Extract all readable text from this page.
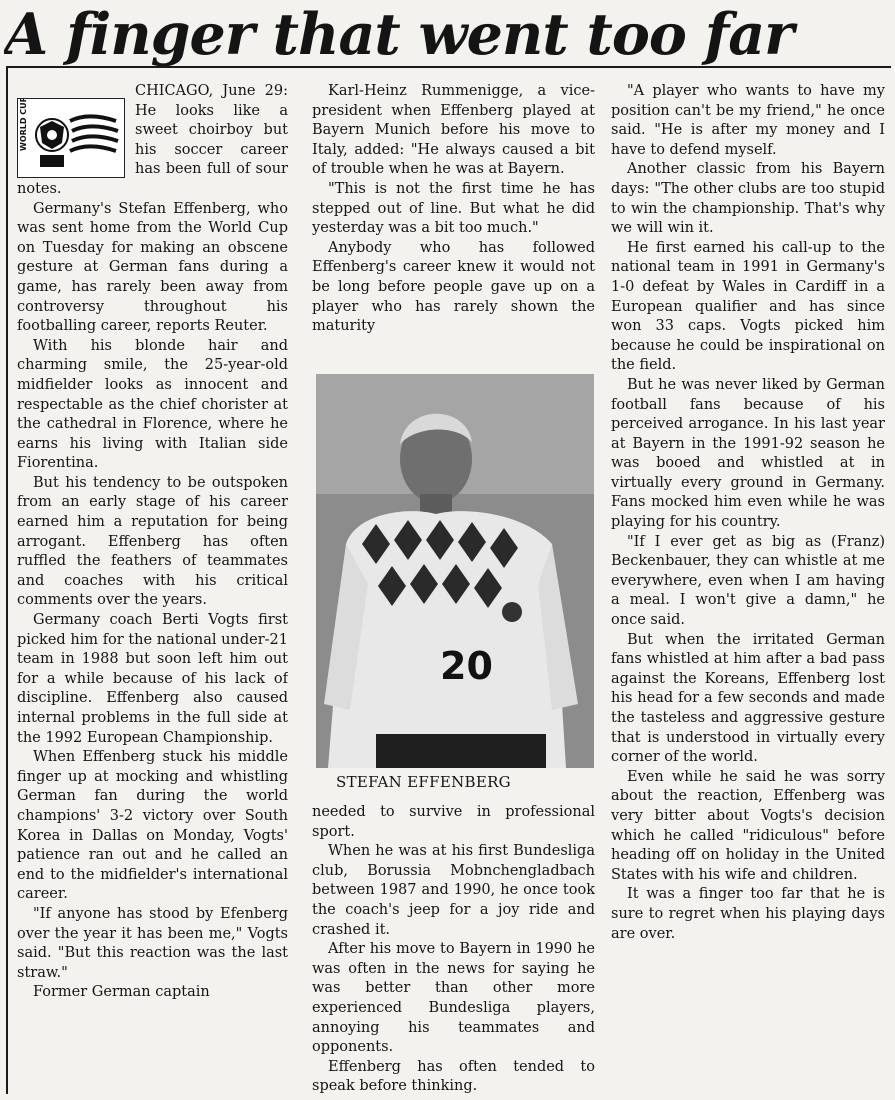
A finger that went too far
WORLD CUP 94	CHICAGO, June 29: He looks like a sweet choirboy but his soccer career has been full of sour notes.

Germany's Stefan Effenberg, who was sent home from the World Cup on Tuesday for making an obscene gesture at German fans during a game, has rarely been away from controversy throughout his footballing career, reports Reuter.

With his blonde hair and charming smile, the 25-year-old midfielder looks as innocent and respectable as the chief chorister at the cathedral in Florence, where he earns his living with Italian side Fiorentina.

But his tendency to be outspoken from an early stage of his career earned him a reputation for being arrogant. Effenberg has often ruffled the feathers of teammates and coaches with his critical comments over the years.

Germany coach Berti Vogts first picked him for the national under-21 team in 1988 but soon left him out for a while because of his lack of discipline. Effenberg also caused internal problems in the full side at the 1992 European Championship.

When Effenberg stuck his middle finger up at mocking and whistling German fan during the world champions' 3-2 victory over South Korea in Dallas on Monday, Vogts' patience ran out and he called an end to the midfielder's international career.

"If anyone has stood by Efenberg over the year it has been me," Vogts said. "But this reaction was the last straw."

Former German captain

Karl-Heinz Rummenigge, a vice-president when Effenberg played at Bayern Munich before his move to Italy, added: "He always caused a bit of trouble when he was at Bayern.

"This is not the first time he has stepped out of line. But what he did yesterday was a bit too much."

Anybody who has followed Effenberg's career knew it would not be long before people gave up on a player who has rarely shown the maturity

20
STEFAN EFFENBERG

needed to survive in professional sport.

When he was at his first Bundesliga club, Borussia Mobnchengladbach between 1987 and 1990, he once took the coach's jeep for a joy ride and crashed it.

After his move to Bayern in 1990 he was often in the news for saying he was better than other more experienced Bundesliga players, annoying his teammates and opponents.

Effenberg has often tended to speak before thinking.

"A player who wants to have my position can't be my friend," he once said. "He is after my money and I have to defend myself.

Another classic from his Bayern days: "The other clubs are too stupid to win the championship. That's why we will win it.

He first earned his call-up to the national team in 1991 in Germany's 1-0 defeat by Wales in Cardiff in a European qualifier and has since won 33 caps. Vogts picked him because he could be inspirational on the field.

But he was never liked by German football fans because of his perceived arrogance. In his last year at Bayern in the 1991-92 season he was booed and whistled at in virtually every ground in Germany. Fans mocked him even while he was playing for his country.

"If I ever get as big as (Franz) Beckenbauer, they can whistle at me everywhere, even when I am having a meal. I won't give a damn," he once said.

But when the irritated German fans whistled at him after a bad pass against the Koreans, Effenberg lost his head for a few seconds and made the tasteless and aggressive gesture that is understood in virtually every corner of the world.

Even while he said he was sorry about the reaction, Effenberg was very bitter about Vogts's decision which he called "ridiculous" before heading off on holiday in the United States with his wife and children.

It was a finger too far that he is sure to regret when his playing days are over.
